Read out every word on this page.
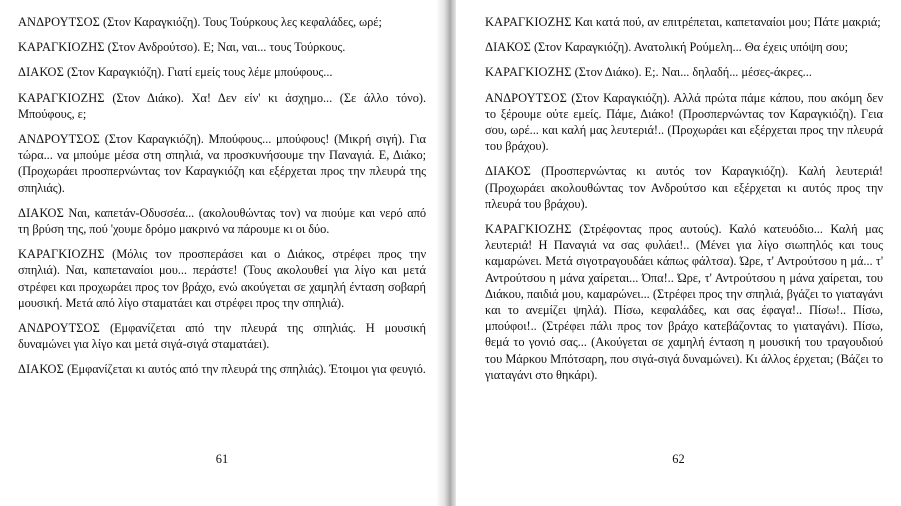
ΑΝΔΡΟΥΤΣΟΣ (Στον Καραγκιόζη). Τους Τούρκους λες κεφαλάδες, ωρέ;

ΚΑΡΑΓΚΙΟΖΗΣ (Στον Ανδρούτσο). Ε; Ναι, ναι... τους Τούρκους.

ΔΙΑΚΟΣ (Στον Καραγκιόζη). Γιατί εμείς τους λέμε μπούφους...

ΚΑΡΑΓΚΙΟΖΗΣ (Στον Διάκο). Χα! Δεν είν' κι άσχημο... (Σε άλλο τόνο). Μπούφους, ε;

ΑΝΔΡΟΥΤΣΟΣ (Στον Καραγκιόζη). Μπούφους... μπούφους! (Μικρή σιγή). Για τώρα... να μπούμε μέσα στη σπηλιά, να προσκυνήσουμε την Παναγιά. Ε, Διάκο; (Προχωράει προσπερνώντας τον Καραγκιόζη και εξέρχεται προς την πλευρά της σπηλιάς).

ΔΙΑΚΟΣ Ναι, καπετάν-Οδυσσέα... (ακολουθώντας τον) να πιούμε και νερό από τη βρύση της, πού 'χουμε δρόμο μακρινό να πάρουμε κι οι δύο.

ΚΑΡΑΓΚΙΟΖΗΣ (Μόλις τον προσπεράσει και ο Διάκος, στρέφει προς την σπηλιά). Ναι, καπεταναίοι μου... περάστε! (Τους ακολουθεί για λίγο και μετά στρέφει και προχωράει προς τον βράχο, ενώ ακούγεται σε χαμηλή ένταση σοβαρή μουσική. Μετά από λίγο σταματάει και στρέφει προς την σπηλιά).

ΑΝΔΡΟΥΤΣΟΣ (Εμφανίζεται από την πλευρά της σπηλιάς. Η μουσική δυναμώνει για λίγο και μετά σιγά-σιγά σταματάει).

ΔΙΑΚΟΣ (Εμφανίζεται κι αυτός από την πλευρά της σπηλιάς). Έτοιμοι για φευγιό.

61

ΚΑΡΑΓΚΙΟΖΗΣ Και κατά πού, αν επιτρέπεται, καπεταναίοι μου; Πάτε μακριά;

ΔΙΑΚΟΣ (Στον Καραγκιόζη). Ανατολική Ρούμελη... Θα έχεις υπόψη σου;

ΚΑΡΑΓΚΙΟΖΗΣ (Στον Διάκο). Ε;. Ναι... δηλαδή... μέσες-άκρες...

ΑΝΔΡΟΥΤΣΟΣ (Στον Καραγκιόζη). Αλλά πρώτα πάμε κάπου, που ακόμη δεν το ξέρουμε ούτε εμείς. Πάμε, Διάκο! (Προσπερνώντας τον Καραγκιόζη). Γεια σου, ωρέ... και καλή μας λευτεριά!.. (Προχωράει και εξέρχεται προς την πλευρά του βράχου).

ΔΙΑΚΟΣ (Προσπερνώντας κι αυτός τον Καραγκιόζη). Καλή λευτεριά! (Προχωράει ακολουθώντας τον Ανδρούτσο και εξέρχεται κι αυτός προς την πλευρά του βράχου).

ΚΑΡΑΓΚΙΟΖΗΣ (Στρέφοντας προς αυτούς). Καλό κατευόδιο... Καλή μας λευτεριά! Η Παναγιά να σας φυλάει!.. (Μένει για λίγο σιωπηλός και τους καμαρώνει. Μετά σιγοτραγουδάει κάπως φάλτσα). Ώρε, τ' Αντρούτσου η μά... τ' Αντρούτσου η μάνα χαίρεται... Όπα!.. Ώρε, τ' Αντρούτσου η μάνα χαίρεται, του Διάκου, παιδιά μου, καμαρώνει... (Στρέφει προς την σπηλιά, βγάζει το γιαταγάνι και το ανεμίζει ψηλά). Πίσω, κεφαλάδες, και σας έφαγα!.. Πίσω!.. Πίσω, μπούφοι!.. (Στρέφει πάλι προς τον βράχο κατεβάζοντας το γιαταγάνι). Πίσω, θεμά το γονιό σας... (Ακούγεται σε χαμηλή ένταση η μουσική του τραγουδιού του Μάρκου Μπότσαρη, που σιγά-σιγά δυναμώνει). Κι άλλος έρχεται; (Βάζει το γιαταγάνι στο θηκάρι).

62
